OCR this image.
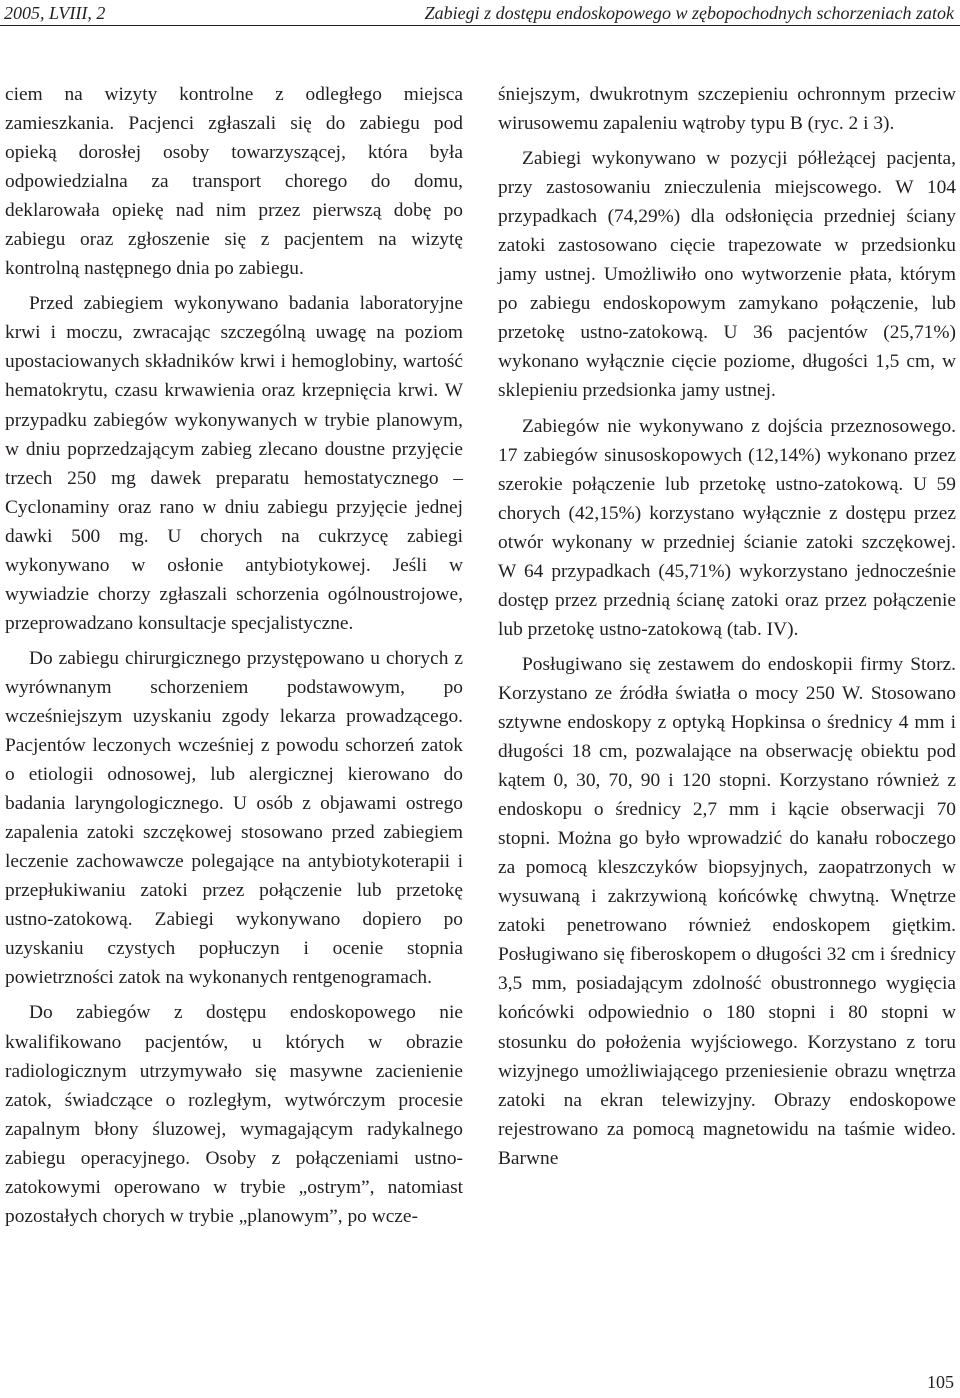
2005, LVIII, 2	Zabiegi z dostępu endoskopowego w zębopochodnych schorzeniach zatok

ciem na wizyty kontrolne z odległego miejsca zamieszkania. Pacjenci zgłaszali się do zabiegu pod opieką dorosłej osoby towarzyszącej, która była odpowiedzialna za transport chorego do domu, deklarowała opiekę nad nim przez pierwszą dobę po zabiegu oraz zgłoszenie się z pacjentem na wizytę kontrolną następnego dnia po zabiegu.

Przed zabiegiem wykonywano badania laboratoryjne krwi i moczu, zwracając szczególną uwagę na poziom upostaciowanych składników krwi i hemoglobiny, wartość hematokrytu, czasu krwawienia oraz krzepnięcia krwi. W przypadku zabiegów wykonywanych w trybie planowym, w dniu poprzedzającym zabieg zlecano doustne przyjęcie trzech 250 mg dawek preparatu hemostatycznego – Cyclonaminy oraz rano w dniu zabiegu przyjęcie jednej dawki 500 mg. U chorych na cukrzycę zabiegi wykonywano w osłonie antybiotykowej. Jeśli w wywiadzie chorzy zgłaszali schorzenia ogólnoustrojowe, przeprowadzano konsultacje specjalistyczne.

Do zabiegu chirurgicznego przystępowano u chorych z wyrównanym schorzeniem podstawowym, po wcześniejszym uzyskaniu zgody lekarza prowadzącego. Pacjentów leczonych wcześniej z powodu schorzeń zatok o etiologii odnosowej, lub alergicznej kierowano do badania laryngologicznego. U osób z objawami ostrego zapalenia zatoki szczękowej stosowano przed zabiegiem leczenie zachowawcze polegające na antybiotykoterapii i przepłukiwaniu zatoki przez połączenie lub przetokę ustno-zatokową. Zabiegi wykonywano dopiero po uzyskaniu czystych popłuczyn i ocenie stopnia powietrzności zatok na wykonanych rentgenogramach.

Do zabiegów z dostępu endoskopowego nie kwalifikowano pacjentów, u których w obrazie radiologicznym utrzymywało się masywne zacienienie zatok, świadczące o rozległym, wytwórczym procesie zapalnym błony śluzowej, wymagającym radykalnego zabiegu operacyjnego. Osoby z połączeniami ustno-zatokowymi operowano w trybie „ostrym”, natomiast pozostałych chorych w trybie „planowym”, po wcze-

śniejszym, dwukrotnym szczepieniu ochronnym przeciw wirusowemu zapaleniu wątroby typu B (ryc. 2 i 3).

Zabiegi wykonywano w pozycji półleżącej pacjenta, przy zastosowaniu znieczulenia miejscowego. W 104 przypadkach (74,29%) dla odsłonięcia przedniej ściany zatoki zastosowano cięcie trapezowate w przedsionku jamy ustnej. Umożliwiło ono wytworzenie płata, którym po zabiegu endoskopowym zamykano połączenie, lub przetokę ustno-zatokową. U 36 pacjentów (25,71%) wykonano wyłącznie cięcie poziome, długości 1,5 cm, w sklepieniu przedsionka jamy ustnej.

Zabiegów nie wykonywano z dojścia przeznosowego. 17 zabiegów sinusoskopowych (12,14%) wykonano przez szerokie połączenie lub przetokę ustno-zatokową. U 59 chorych (42,15%) korzystano wyłącznie z dostępu przez otwór wykonany w przedniej ścianie zatoki szczękowej. W 64 przypadkach (45,71%) wykorzystano jednocześnie dostęp przez przednią ścianę zatoki oraz przez połączenie lub przetokę ustno-zatokową (tab. IV).

Posługiwano się zestawem do endoskopii firmy Storz. Korzystano ze źródła światła o mocy 250 W. Stosowano sztywne endoskopy z optyką Hopkinsa o średnicy 4 mm i długości 18 cm, pozwalające na obserwację obiektu pod kątem 0, 30, 70, 90 i 120 stopni. Korzystano również z endoskopu o średnicy 2,7 mm i kącie obserwacji 70 stopni. Można go było wprowadzić do kanału roboczego za pomocą kleszczyków biopsyjnych, zaopatrzonych w wysuwaną i zakrzywioną końcówkę chwytną. Wnętrze zatoki penetrowano również endoskopem giętkim. Posługiwano się fiberoskopem o długości 32 cm i średnicy 3,5 mm, posiadającym zdolność obustronnego wygięcia końcówki odpowiednio o 180 stopni i 80 stopni w stosunku do położenia wyjściowego. Korzystano z toru wizyjnego umożliwiającego przeniesienie obrazu wnętrza zatoki na ekran telewizyjny. Obrazy endoskopowe rejestrowano za pomocą magnetowidu na taśmie wideo. Barwne

105
